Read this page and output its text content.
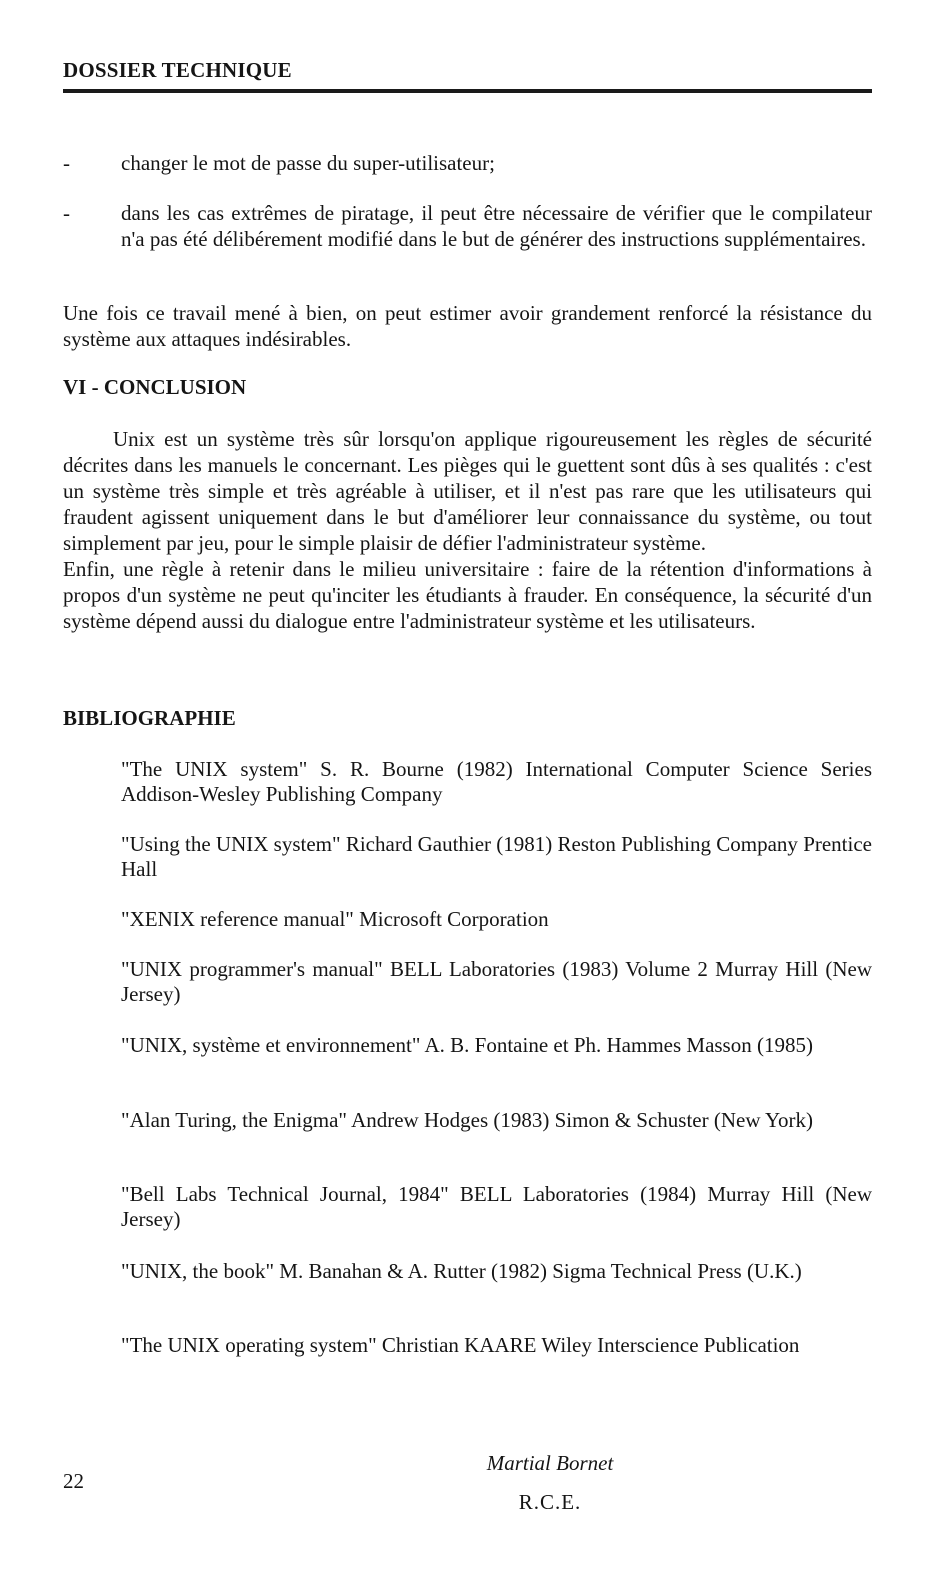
DOSSIER TECHNIQUE
- changer le mot de passe du super-utilisateur;
- dans les cas extrêmes de piratage, il peut être nécessaire de vérifier que le compilateur n'a pas été délibérement modifié dans le but de générer des instructions supplémentaires.
Une fois ce travail mené à bien, on peut estimer avoir grandement renforcé la résistance du système aux attaques indésirables.
VI - CONCLUSION
Unix est un système très sûr lorsqu'on applique rigoureusement les règles de sécurité décrites dans les manuels le concernant. Les pièges qui le guettent sont dûs à ses qualités : c'est un système très simple et très agréable à utiliser, et il n'est pas rare que les utilisateurs qui fraudent agissent uniquement dans le but d'améliorer leur connaissance du système, ou tout simplement par jeu, pour le simple plaisir de défier l'administrateur système.
Enfin, une règle à retenir dans le milieu universitaire : faire de la rétention d'informations à propos d'un système ne peut qu'inciter les étudiants à frauder. En conséquence, la sécurité d'un système dépend aussi du dialogue entre l'administrateur système et les utilisateurs.
BIBLIOGRAPHIE
"The UNIX system" S. R. Bourne (1982) International Computer Science Series Addison-Wesley Publishing Company
"Using the UNIX system" Richard Gauthier (1981) Reston Publishing Company Prentice Hall
"XENIX reference manual" Microsoft Corporation
"UNIX programmer's manual" BELL Laboratories (1983) Volume 2 Murray Hill (New Jersey)
"UNIX, système et environnement" A. B. Fontaine et Ph. Hammes Masson (1985)
"Alan Turing, the Enigma" Andrew Hodges (1983) Simon & Schuster (New York)
"Bell Labs Technical Journal, 1984" BELL Laboratories (1984) Murray Hill (New Jersey)
"UNIX, the book" M. Banahan & A. Rutter (1982) Sigma Technical Press (U.K.)
"The UNIX operating system" Christian KAARE Wiley Interscience Publication
22
Martial Bornet
R.C.E.
